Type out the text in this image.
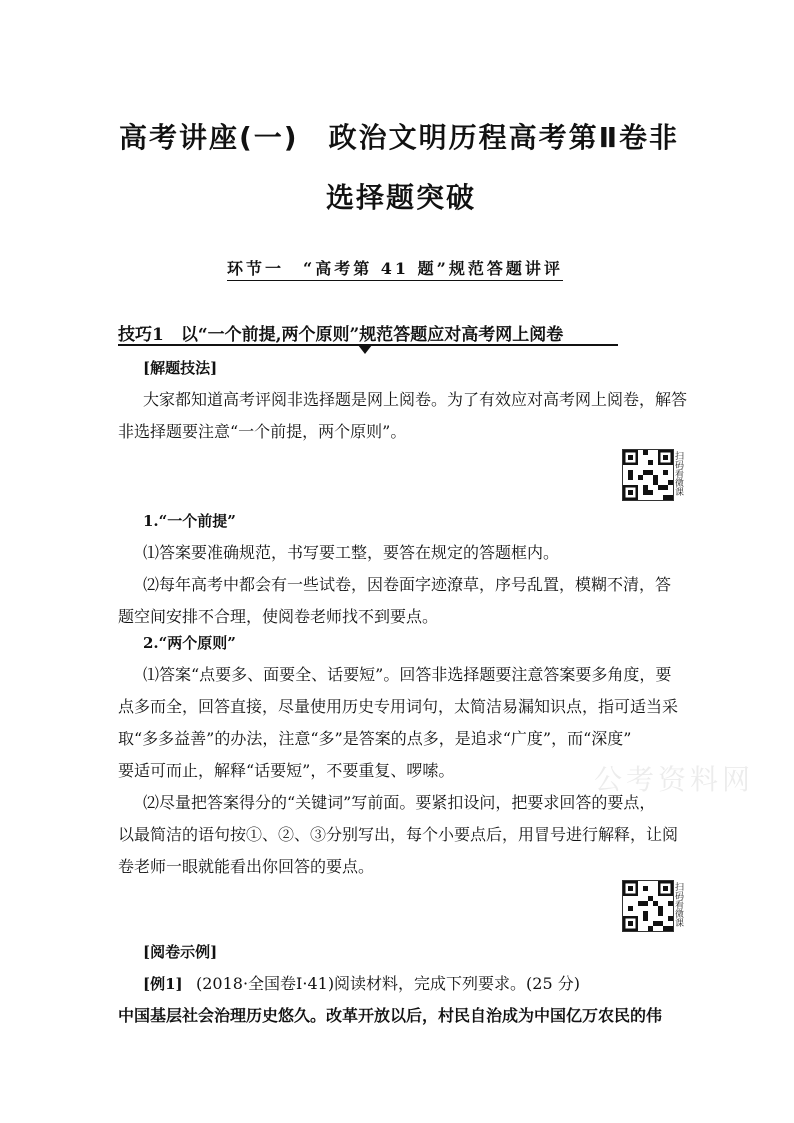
高考讲座(一)　政治文明历程高考第Ⅱ卷非
选择题突破
环节一　“高考第 41 题”规范答题讲评
技巧1　以“一个前提,两个原则”规范答题应对高考网上阅卷
[解题技法]
大家都知道高考评阅非选择题是网上阅卷。为了有效应对高考网上阅卷，解答
非选择题要注意“一个前提，两个原则”。
扫码看微课
1.“一个前提”
⑴答案要准确规范，书写要工整，要答在规定的答题框内。
⑵每年高考中都会有一些试卷，因卷面字迹潦草，序号乱置，模糊不清，答
题空间安排不合理，使阅卷老师找不到要点。
2.“两个原则”
⑴答案“点要多、面要全、话要短”。回答非选择题要注意答案要多角度，要
点多而全，回答直接，尽量使用历史专用词句，太简洁易漏知识点，指可适当采
取“多多益善”的办法，注意“多”是答案的点多，是追求“广度”，而“深度”
要适可而止，解释“话要短”，不要重复、啰嗦。	公考资料网
⑵尽量把答案得分的“关键词”写前面。要紧扣设问，把要求回答的要点，
以最简洁的语句按①、②、③分别写出，每个小要点后，用冒号进行解释，让阅
卷老师一眼就能看出你回答的要点。
扫码看微课
[阅卷示例]
[例1] (2018·全国卷Ⅰ·41)阅读材料，完成下列要求。(25 分)
中国基层社会治理历史悠久。改革开放以后，村民自治成为中国亿万农民的伟
